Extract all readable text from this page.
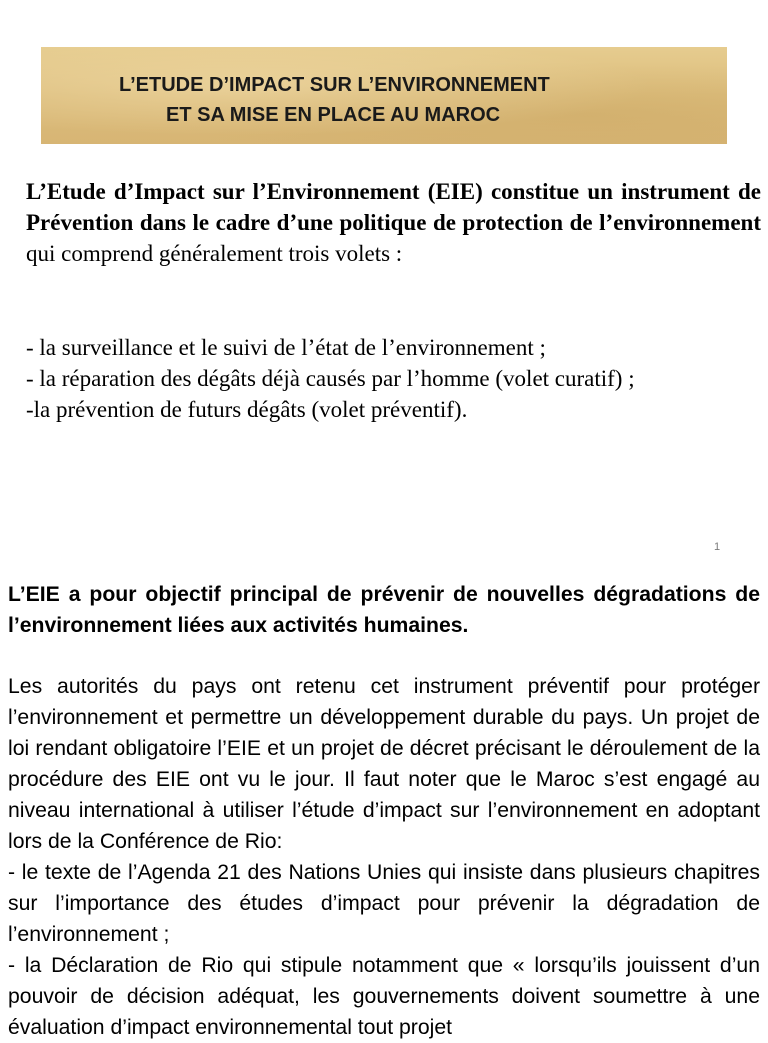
L’ETUDE D’IMPACT SUR L’ENVIRONNEMENT
ET SA MISE EN PLACE AU MAROC

L’Etude d’Impact sur l’Environnement (EIE) constitue un instrument de Prévention dans le cadre d’une politique de protection de l’environnement qui comprend généralement trois volets :

- la surveillance et le suivi de l’état de l’environnement ;
- la réparation des dégâts déjà causés par l’homme (volet curatif) ;
-la prévention de futurs dégâts (volet préventif).
1

L’EIE a pour objectif principal de prévenir de nouvelles dégradations de l’environnement liées aux activités humaines.

Les autorités du pays ont retenu cet instrument préventif pour protéger l’environnement et permettre un développement durable du pays. Un projet de loi rendant obligatoire l’EIE et un projet de décret précisant le déroulement de la procédure des EIE ont vu le jour. Il faut noter que le Maroc s’est engagé au niveau international à utiliser l’étude d’impact sur l’environnement en adoptant lors de la Conférence de Rio:

- le texte de l’Agenda 21 des Nations Unies qui insiste dans plusieurs chapitres sur l’importance des études d’impact pour prévenir la dégradation de l’environnement ;

- la Déclaration de Rio qui stipule notamment que « lorsqu’ils jouissent d’un pouvoir de décision adéquat, les gouvernements doivent soumettre à une évaluation d’impact environnemental tout projet
